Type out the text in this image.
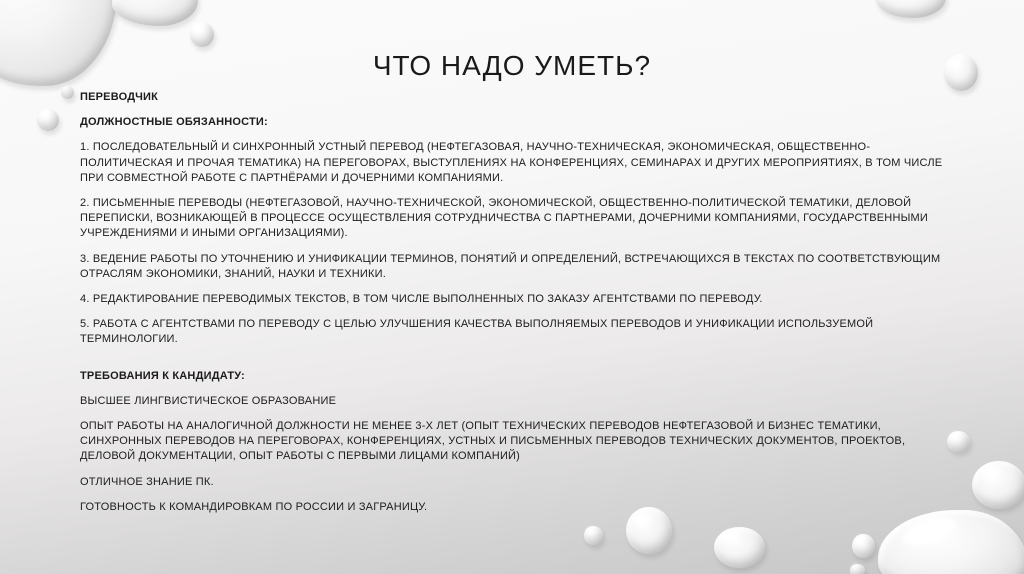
ЧТО НАДО УМЕТЬ?

ПЕРЕВОДЧИК

ДОЛЖНОСТНЫЕ ОБЯЗАННОСТИ:

1. ПОСЛЕДОВАТЕЛЬНЫЙ И СИНХРОННЫЙ УСТНЫЙ ПЕРЕВОД (НЕФТЕГАЗОВАЯ, НАУЧНО-ТЕХНИЧЕСКАЯ, ЭКОНОМИЧЕСКАЯ, ОБЩЕСТВЕННО-ПОЛИТИЧЕСКАЯ И ПРОЧАЯ ТЕМАТИКА) НА ПЕРЕГОВОРАХ, ВЫСТУПЛЕНИЯХ НА КОНФЕРЕНЦИЯХ, СЕМИНАРАХ И ДРУГИХ МЕРОПРИЯТИЯХ, В ТОМ ЧИСЛЕ ПРИ СОВМЕСТНОЙ РАБОТЕ С ПАРТНЁРАМИ И ДОЧЕРНИМИ КОМПАНИЯМИ.

2. ПИСЬМЕННЫЕ ПЕРЕВОДЫ (НЕФТЕГАЗОВОЙ, НАУЧНО-ТЕХНИЧЕСКОЙ, ЭКОНОМИЧЕСКОЙ, ОБЩЕСТВЕННО-ПОЛИТИЧЕСКОЙ ТЕМАТИКИ, ДЕЛОВОЙ ПЕРЕПИСКИ, ВОЗНИКАЮЩЕЙ В ПРОЦЕССЕ ОСУЩЕСТВЛЕНИЯ СОТРУДНИЧЕСТВА С ПАРТНЕРАМИ, ДОЧЕРНИМИ КОМПАНИЯМИ, ГОСУДАРСТВЕННЫМИ УЧРЕЖДЕНИЯМИ И ИНЫМИ ОРГАНИЗАЦИЯМИ).

3. ВЕДЕНИЕ РАБОТЫ ПО УТОЧНЕНИЮ И УНИФИКАЦИИ ТЕРМИНОВ, ПОНЯТИЙ И ОПРЕДЕЛЕНИЙ, ВСТРЕЧАЮЩИХСЯ В ТЕКСТАХ ПО СООТВЕТСТВУЮЩИМ ОТРАСЛЯМ ЭКОНОМИКИ, ЗНАНИЙ, НАУКИ И ТЕХНИКИ.

4. РЕДАКТИРОВАНИЕ ПЕРЕВОДИМЫХ ТЕКСТОВ, В ТОМ ЧИСЛЕ ВЫПОЛНЕННЫХ ПО ЗАКАЗУ АГЕНТСТВАМИ ПО ПЕРЕВОДУ.

5. РАБОТА С АГЕНТСТВАМИ ПО ПЕРЕВОДУ С ЦЕЛЬЮ УЛУЧШЕНИЯ КАЧЕСТВА ВЫПОЛНЯЕМЫХ ПЕРЕВОДОВ И УНИФИКАЦИИ ИСПОЛЬЗУЕМОЙ ТЕРМИНОЛОГИИ.

ТРЕБОВАНИЯ К КАНДИДАТУ:

ВЫСШЕЕ ЛИНГВИСТИЧЕСКОЕ ОБРАЗОВАНИЕ

ОПЫТ РАБОТЫ НА АНАЛОГИЧНОЙ ДОЛЖНОСТИ НЕ МЕНЕЕ 3-Х ЛЕТ (ОПЫТ ТЕХНИЧЕСКИХ ПЕРЕВОДОВ НЕФТЕГАЗОВОЙ И БИЗНЕС ТЕМАТИКИ, СИНХРОННЫХ ПЕРЕВОДОВ НА ПЕРЕГОВОРАХ, КОНФЕРЕНЦИЯХ, УСТНЫХ И ПИСЬМЕННЫХ ПЕРЕВОДОВ ТЕХНИЧЕСКИХ ДОКУМЕНТОВ, ПРОЕКТОВ, ДЕЛОВОЙ ДОКУМЕНТАЦИИ, ОПЫТ РАБОТЫ С ПЕРВЫМИ ЛИЦАМИ КОМПАНИЙ)

ОТЛИЧНОЕ ЗНАНИЕ ПК.

ГОТОВНОСТЬ К КОМАНДИРОВКАМ ПО РОССИИ И ЗАГРАНИЦУ.
